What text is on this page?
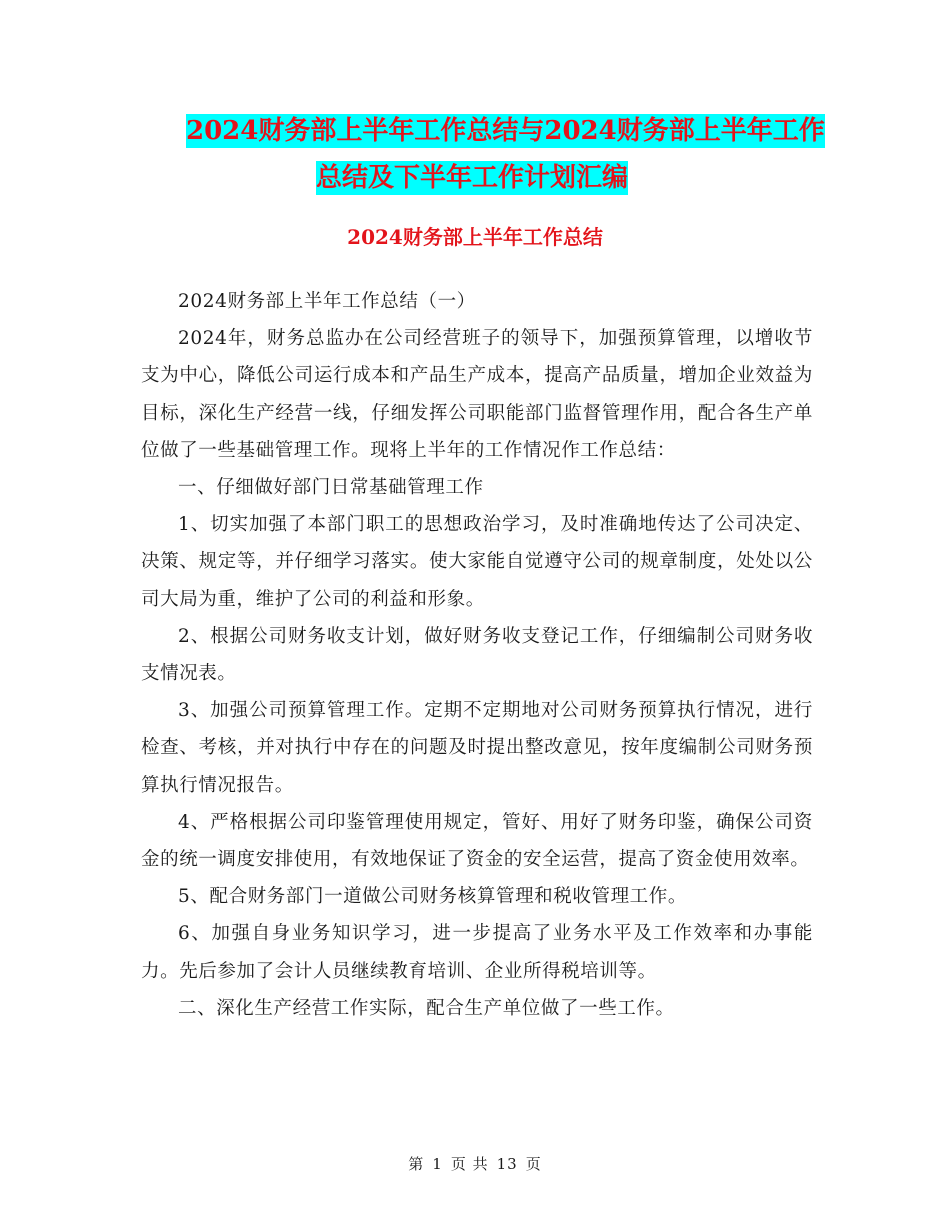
2024财务部上半年工作总结与2024财务部上半年工作
总结及下半年工作计划汇编
2024财务部上半年工作总结

2024财务部上半年工作总结（一）

2024年，财务总监办在公司经营班子的领导下，加强预算管理，以增收节支为中心，降低公司运行成本和产品生产成本，提高产品质量，增加企业效益为目标，深化生产经营一线，仔细发挥公司职能部门监督管理作用，配合各生产单位做了一些基础管理工作。现将上半年的工作情况作工作总结：

一、仔细做好部门日常基础管理工作

1、切实加强了本部门职工的思想政治学习，及时准确地传达了公司决定、决策、规定等，并仔细学习落实。使大家能自觉遵守公司的规章制度，处处以公司大局为重，维护了公司的利益和形象。

2、根据公司财务收支计划，做好财务收支登记工作，仔细编制公司财务收支情况表。

3、加强公司预算管理工作。定期不定期地对公司财务预算执行情况，进行检查、考核，并对执行中存在的问题及时提出整改意见，按年度编制公司财务预算执行情况报告。

4、严格根据公司印鉴管理使用规定，管好、用好了财务印鉴，确保公司资金的统一调度安排使用，有效地保证了资金的安全运营，提高了资金使用效率。

5、配合财务部门一道做公司财务核算管理和税收管理工作。

6、加强自身业务知识学习，进一步提高了业务水平及工作效率和办事能力。先后参加了会计人员继续教育培训、企业所得税培训等。

二、深化生产经营工作实际，配合生产单位做了一些工作。

第 1 页 共 13 页
